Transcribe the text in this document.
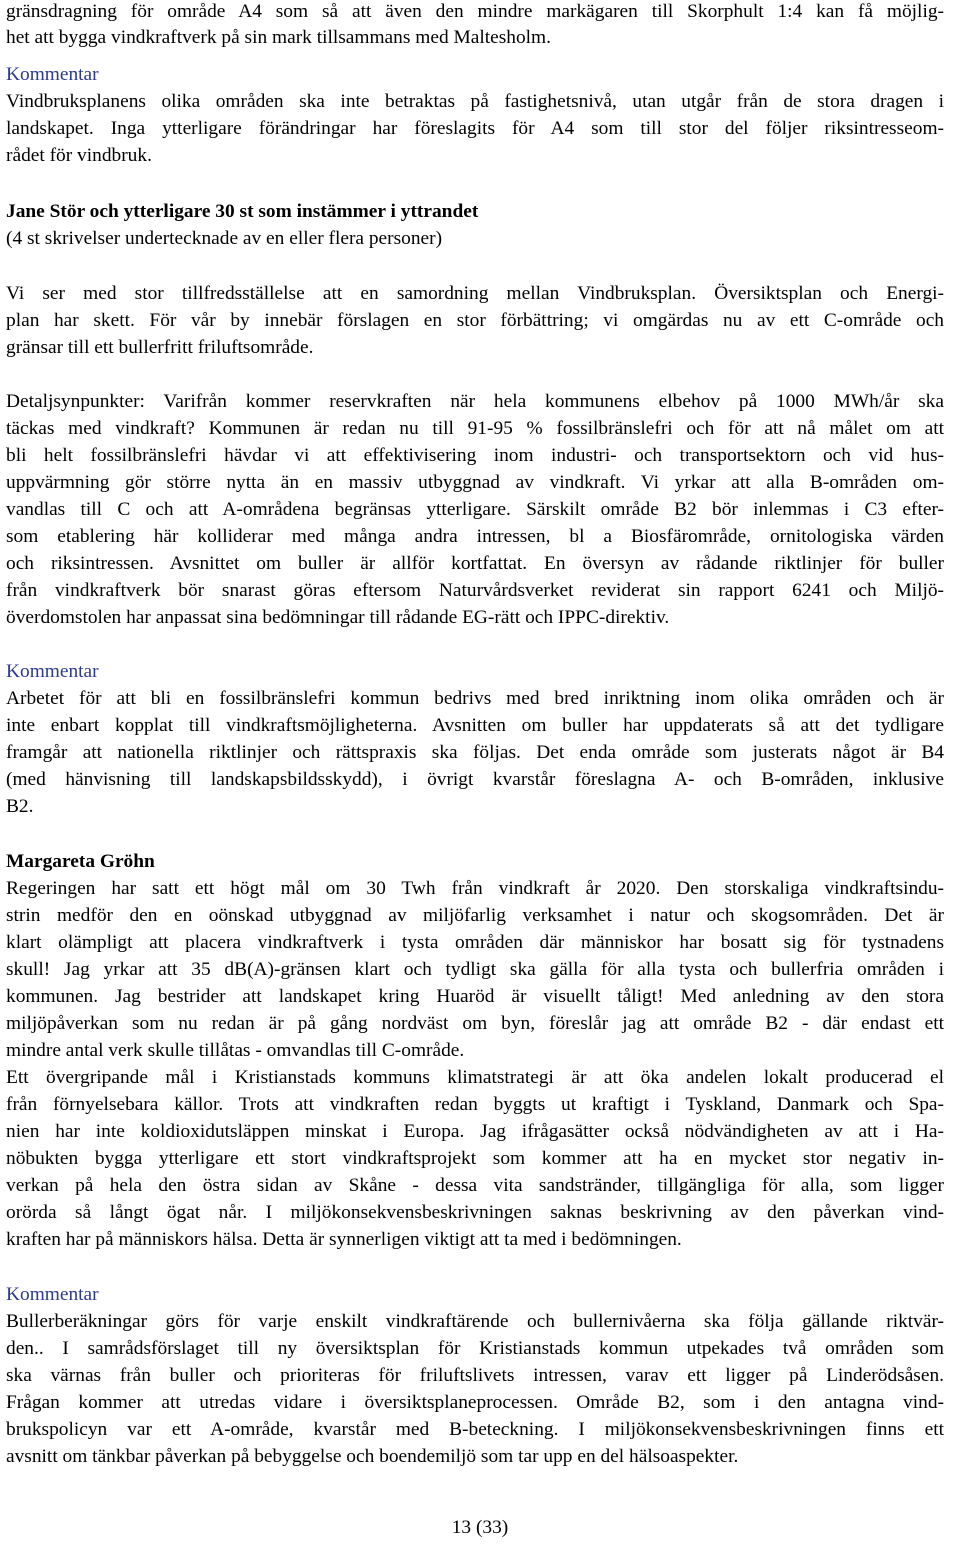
gränsdragning för område A4 som så att även den mindre markägaren till Skorphult 1:4 kan få möjlig-
het att bygga vindkraftverk på sin mark tillsammans med Maltesholm.
Kommentar
Vindbruksplanens olika områden ska inte betraktas på fastighetsnivå, utan utgår från de stora dragen i
landskapet. Inga ytterligare förändringar har föreslagits för A4 som till stor del följer riksintresseom-
rådet för vindbruk.
Jane Stör och ytterligare 30 st som instämmer i yttrandet
(4 st skrivelser undertecknade av en eller flera personer)
Vi ser med stor tillfredsställelse att en samordning mellan Vindbruksplan. Översiktsplan och Energi-
plan har skett. För vår by innebär förslagen en stor förbättring; vi omgärdas nu av ett C-område och
gränsar till ett bullerfritt friluftsområde.
Detaljsynpunkter: Varifrån kommer reservkraften när hela kommunens elbehov på 1000 MWh/år ska
täckas med vindkraft? Kommunen är redan nu till 91-95 % fossilbränslefri och för att nå målet om att
bli helt fossilbränslefri hävdar vi att effektivisering inom industri- och transportsektorn och vid hus-
uppvärmning gör större nytta än en massiv utbyggnad av vindkraft. Vi yrkar att alla B-områden om-
vandlas till C och att A-områdena begränsas ytterligare. Särskilt område B2 bör inlemmas i C3 efter-
som etablering här kolliderar med många andra intressen, bl a Biosfärområde, ornitologiska värden
och riksintressen. Avsnittet om buller är allför kortfattat. En översyn av rådande riktlinjer för buller
från vindkraftverk bör snarast göras eftersom Naturvårdsverket reviderat sin rapport 6241 och Miljö-
överdomstolen har anpassat sina bedömningar till rådande EG-rätt och IPPC-direktiv.
Kommentar
Arbetet för att bli en fossilbränslefri kommun bedrivs med bred inriktning inom olika områden och är
inte enbart kopplat till vindkraftsmöjligheterna. Avsnitten om buller har uppdaterats så att det tydligare
framgår att nationella riktlinjer och rättspraxis ska följas. Det enda område som justerats något är B4
(med hänvisning till landskapsbildsskydd), i övrigt kvarstår föreslagna A- och B-områden, inklusive
B2.
Margareta Gröhn
Regeringen har satt ett högt mål om 30 Twh från vindkraft år 2020. Den storskaliga vindkraftsindu-
strin medför den en oönskad utbyggnad av miljöfarlig verksamhet i natur och skogsområden. Det är
klart olämpligt att placera vindkraftverk i tysta områden där människor har bosatt sig för tystnadens
skull! Jag yrkar att 35 dB(A)-gränsen klart och tydligt ska gälla för alla tysta och bullerfria områden i
kommunen. Jag bestrider att landskapet kring Huaröd är visuellt tåligt! Med anledning av den stora
miljöpåverkan som nu redan är på gång nordväst om byn, föreslår jag att område B2 - där endast ett
mindre antal verk skulle tillåtas - omvandlas till C-område.
Ett övergripande mål i Kristianstads kommuns klimatstrategi är att öka andelen lokalt producerad el
från förnyelsebara källor. Trots att vindkraften redan byggts ut kraftigt i Tyskland, Danmark och Spa-
nien har inte koldioxidutsläppen minskat i Europa. Jag ifrågasätter också nödvändigheten av att i Ha-
nöbukten bygga ytterligare ett stort vindkraftsprojekt som kommer att ha en mycket stor negativ in-
verkan på hela den östra sidan av Skåne - dessa vita sandstränder, tillgängliga för alla, som ligger
orörda så långt ögat når. I miljökonsekvensbeskrivningen saknas beskrivning av den påverkan vind-
kraften har på människors hälsa. Detta är synnerligen viktigt att ta med i bedömningen.
Kommentar
Bullerberäkningar görs för varje enskilt vindkraftärende och bullernivåerna ska följa gällande riktvär-
den.. I samrådsförslaget till ny översiktsplan för Kristianstads kommun utpekades två områden som
ska värnas från buller och prioriteras för friluftslivets intressen, varav ett ligger på Linderödsåsen.
Frågan kommer att utredas vidare i översiktsplaneprocessen. Område B2, som i den antagna vind-
brukspolicyn var ett A-område, kvarstår med B-beteckning. I miljökonsekvensbeskrivningen finns ett
avsnitt om tänkbar påverkan på bebyggelse och boendemiljö som tar upp en del hälsoaspekter.
13 (33)
